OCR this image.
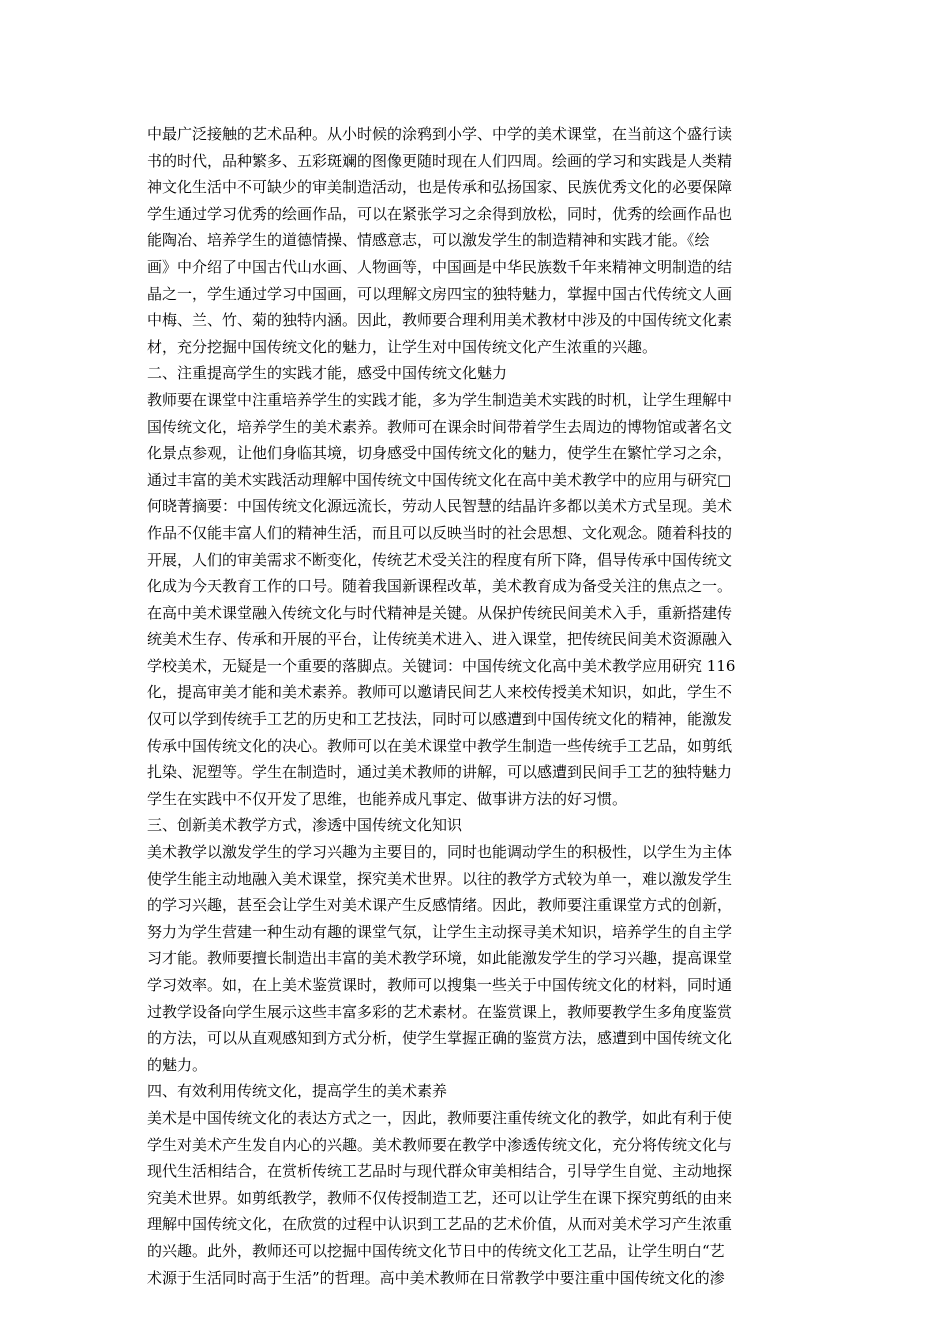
中最广泛接触的艺术品种。从小时候的涂鸦到小学、中学的美术课堂，在当前这个盛行读
书的时代，品种繁多、五彩斑斓的图像更随时现在人们四周。绘画的学习和实践是人类精
神文化生活中不可缺少的审美制造活动，也是传承和弘扬国家、民族优秀文化的必要保障
学生通过学习优秀的绘画作品，可以在紧张学习之余得到放松，同时，优秀的绘画作品也
能陶冶、培养学生的道德情操、情感意志，可以激发学生的制造精神和实践才能。《绘
画》中介绍了中国古代山水画、人物画等，中国画是中华民族数千年来精神文明制造的结
晶之一，学生通过学习中国画，可以理解文房四宝的独特魅力，掌握中国古代传统文人画
中梅、兰、竹、菊的独特内涵。因此，教师要合理利用美术教材中涉及的中国传统文化素
材，充分挖掘中国传统文化的魅力，让学生对中国传统文化产生浓重的兴趣。
二、注重提高学生的实践才能，感受中国传统文化魅力
教师要在课堂中注重培养学生的实践才能，多为学生制造美术实践的时机，让学生理解中
国传统文化，培养学生的美术素养。教师可在课余时间带着学生去周边的博物馆或著名文
化景点参观，让他们身临其境，切身感受中国传统文化的魅力，使学生在繁忙学习之余，
通过丰富的美术实践活动理解中国传统文中国传统文化在高中美术教学中的应用与研究□
何晓菁摘要：中国传统文化源远流长，劳动人民智慧的结晶许多都以美术方式呈现。美术
作品不仅能丰富人们的精神生活，而且可以反映当时的社会思想、文化观念。随着科技的
开展，人们的审美需求不断变化，传统艺术受关注的程度有所下降，倡导传承中国传统文
化成为今天教育工作的口号。随着我国新课程改革，美术教育成为备受关注的焦点之一。
在高中美术课堂融入传统文化与时代精神是关键。从保护传统民间美术入手，重新搭建传
统美术生存、传承和开展的平台，让传统美术进入、进入课堂，把传统民间美术资源融入
学校美术，无疑是一个重要的落脚点。关键词：中国传统文化高中美术教学应用研究 116
化，提高审美才能和美术素养。教师可以邀请民间艺人来校传授美术知识，如此，学生不
仅可以学到传统手工艺的历史和工艺技法，同时可以感遭到中国传统文化的精神，能激发
传承中国传统文化的决心。教师可以在美术课堂中教学生制造一些传统手工艺品，如剪纸
扎染、泥塑等。学生在制造时，通过美术教师的讲解，可以感遭到民间手工艺的独特魅力
学生在实践中不仅开发了思维，也能养成凡事定、做事讲方法的好习惯。
三、创新美术教学方式，渗透中国传统文化知识
美术教学以激发学生的学习兴趣为主要目的，同时也能调动学生的积极性，以学生为主体
使学生能主动地融入美术课堂，探究美术世界。以往的教学方式较为单一，难以激发学生
的学习兴趣，甚至会让学生对美术课产生反感情绪。因此，教师要注重课堂方式的创新，
努力为学生营建一种生动有趣的课堂气氛，让学生主动探寻美术知识，培养学生的自主学
习才能。教师要擅长制造出丰富的美术教学环境，如此能激发学生的学习兴趣，提高课堂
学习效率。如，在上美术鉴赏课时，教师可以搜集一些关于中国传统文化的材料，同时通
过教学设备向学生展示这些丰富多彩的艺术素材。在鉴赏课上，教师要教学生多角度鉴赏
的方法，可以从直观感知到方式分析，使学生掌握正确的鉴赏方法，感遭到中国传统文化
的魅力。
四、有效利用传统文化，提高学生的美术素养
美术是中国传统文化的表达方式之一，因此，教师要注重传统文化的教学，如此有利于使
学生对美术产生发自内心的兴趣。美术教师要在教学中渗透传统文化，充分将传统文化与
现代生活相结合，在赏析传统工艺品时与现代群众审美相结合，引导学生自觉、主动地探
究美术世界。如剪纸教学，教师不仅传授制造工艺，还可以让学生在课下探究剪纸的由来
理解中国传统文化，在欣赏的过程中认识到工艺品的艺术价值，从而对美术学习产生浓重
的兴趣。此外，教师还可以挖掘中国传统文化节日中的传统文化工艺品，让学生明白“艺
术源于生活同时高于生活”的哲理。高中美术教师在日常教学中要注重中国传统文化的渗
